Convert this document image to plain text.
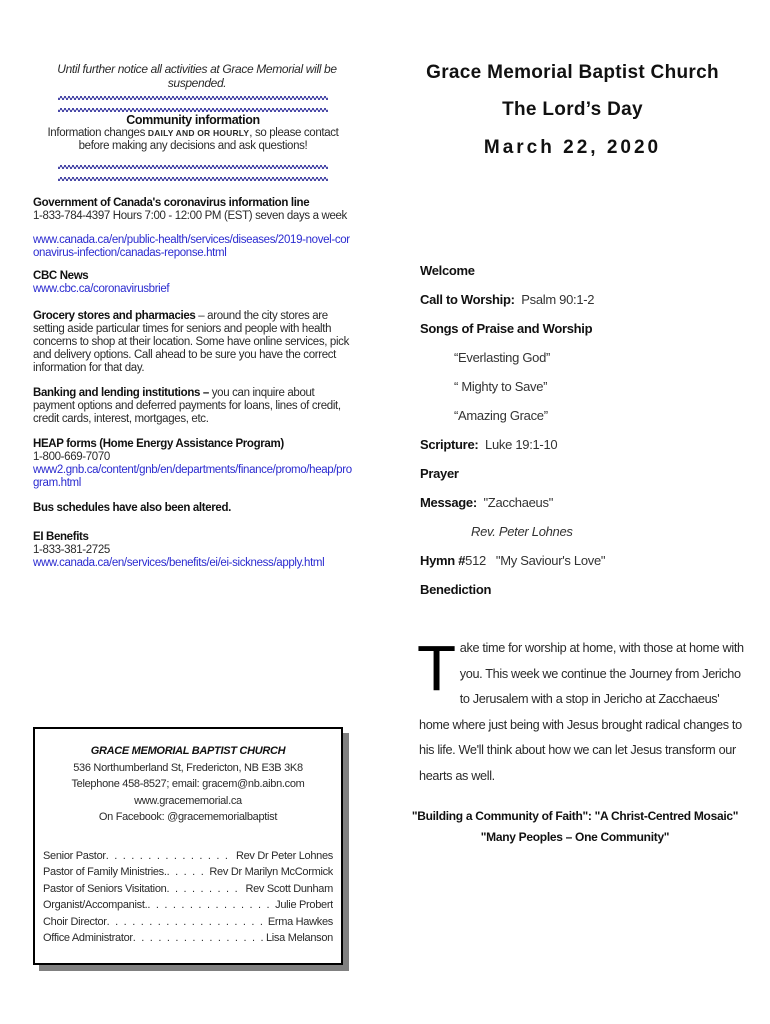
Until further notice all activities at Grace Memorial will be suspended.
Community information
Information changes DAILY AND OR HOURLY, so please contact before making any decisions and ask questions!
Government of Canada's coronavirus information line
1-833-784-4397 Hours 7:00 - 12:00 PM (EST) seven days a week
www.canada.ca/en/public-health/services/diseases/2019-novel-coronavirus-infection/canadas-reponse.html
CBC News
www.cbc.ca/coronavirusbrief
Grocery stores and pharmacies – around the city stores are setting aside particular times for seniors and people with health concerns to shop at their location. Some have online services, pick and delivery options. Call ahead to be sure you have the correct information for that day.
Banking and lending institutions – you can inquire about payment options and deferred payments for loans, lines of credit, credit cards, interest, mortgages, etc.
HEAP forms (Home Energy Assistance Program)
1-800-669-7070
www2.gnb.ca/content/gnb/en/departments/finance/promo/heap/program.html
Bus schedules have also been altered.
EI Benefits
1-833-381-2725
www.canada.ca/en/services/benefits/ei/ei-sickness/apply.html
GRACE MEMORIAL BAPTIST CHURCH
536 Northumberland St, Fredericton, NB E3B 3K8
Telephone 458-8527; email: gracem@nb.aibn.com
www.gracememorial.ca
On Facebook: @gracememorialbaptist
Senior Pastor . . .	Rev Dr Peter Lohnes
Pastor of Family Ministries. . . .	Rev Dr Marilyn McCormick
Pastor of Seniors Visitation . . .	Rev Scott Dunham
Organist/Accompanist. . . .	Julie Probert
Choir Director . . .	Erma Hawkes
Office Administrator . . .	Lisa Melanson
Grace Memorial Baptist Church
The Lord’s Day
March 22, 2020
Welcome
Call to Worship: Psalm 90:1-2
Songs of Praise and Worship
“Everlasting God”
“ Mighty to Save”
“Amazing Grace”
Scripture: Luke 19:1-10
Prayer
Message: "Zacchaeus"
Rev. Peter Lohnes
Hymn #512   "My Saviour's Love"
Benediction
Take time for worship at home, with those at home with you. This week we continue the Journey from Jericho to Jerusalem with a stop in Jericho at Zacchaeus' home where just being with Jesus brought radical changes to his life. We'll think about how we can let Jesus transform our hearts as well.
"Building a Community of Faith": "A Christ-Centred Mosaic"
"Many Peoples – One Community"
